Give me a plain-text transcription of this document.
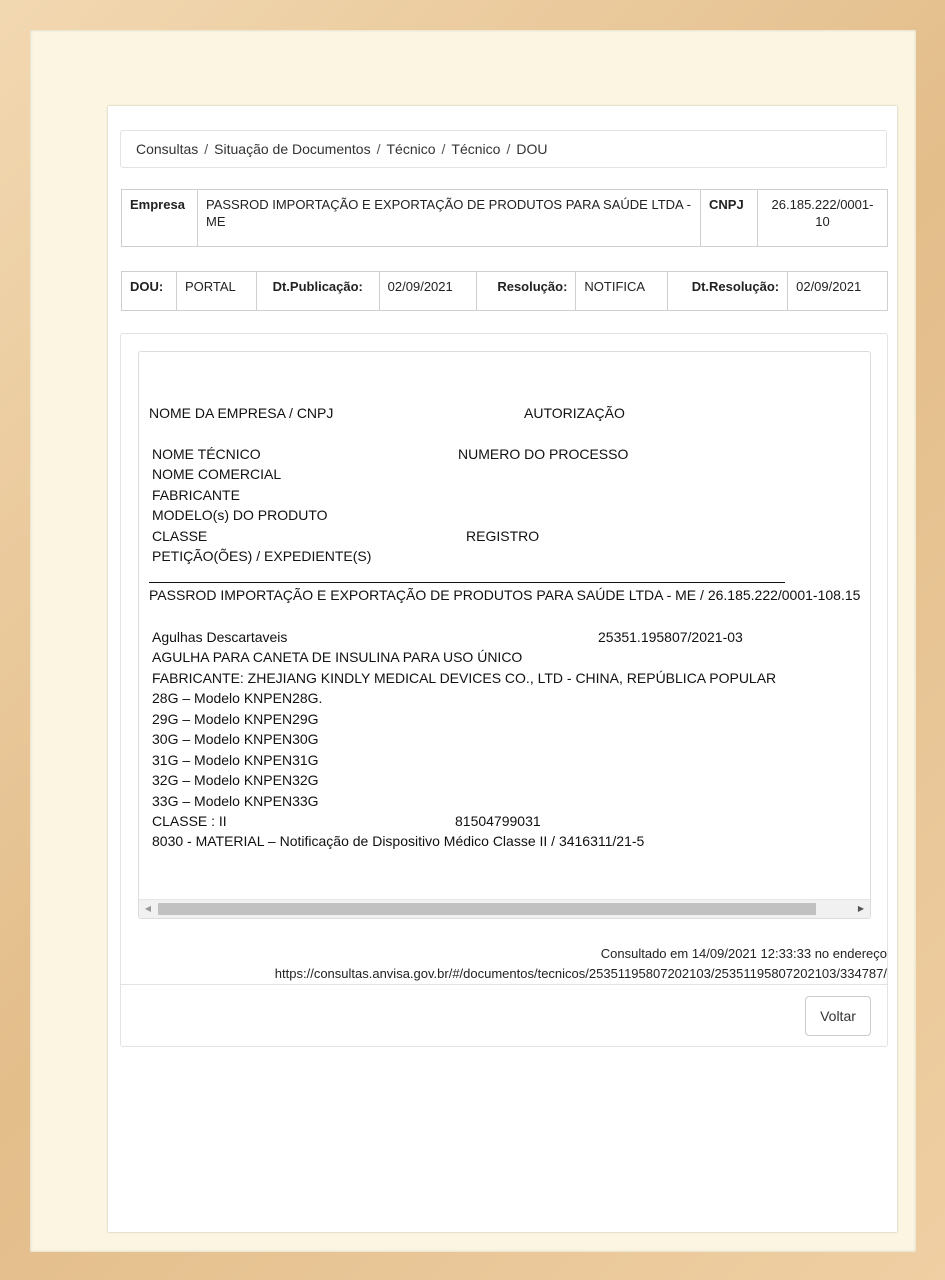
Consultas / Situação de Documentos / Técnico / Técnico / DOU
Empresa	PASSROD IMPORTAÇÃO E EXPORTAÇÃO DE PRODUTOS PARA SAÚDE LTDA - ME	CNPJ	26.185.222/0001-10
DOU:	PORTAL	Dt.Publicação:	02/09/2021	Resolução:	NOTIFICA	Dt.Resolução:	02/09/2021
NOME DA EMPRESA / CNPJ	AUTORIZAÇÃO
NOME TÉCNICO	NUMERO DO PROCESSO
NOME COMERCIAL
FABRICANTE
MODELO(s) DO PRODUTO
CLASSE	REGISTRO
PETIÇÃO(ÕES) / EXPEDIENTE(S)
PASSROD IMPORTAÇÃO E EXPORTAÇÃO DE PRODUTOS PARA SAÚDE LTDA - ME / 26.185.222/0001-108.15
Agulhas Descartaveis	25351.195807/2021-03
AGULHA PARA CANETA DE INSULINA PARA USO ÚNICO
FABRICANTE: ZHEJIANG KINDLY MEDICAL DEVICES CO., LTD - CHINA, REPÚBLICA POPULAR
28G – Modelo KNPEN28G.
29G – Modelo KNPEN29G
30G – Modelo KNPEN30G
31G – Modelo KNPEN31G
32G – Modelo KNPEN32G
33G – Modelo KNPEN33G
CLASSE : II	81504799031
8030 - MATERIAL – Notificação de Dispositivo Médico Classe II / 3416311/21-5
◀	▶
Consultado em 14/09/2021 12:33:33 no endereço
https://consultas.anvisa.gov.br/#/documentos/tecnicos/25351195807202103/25351195807202103/334787/
Voltar
